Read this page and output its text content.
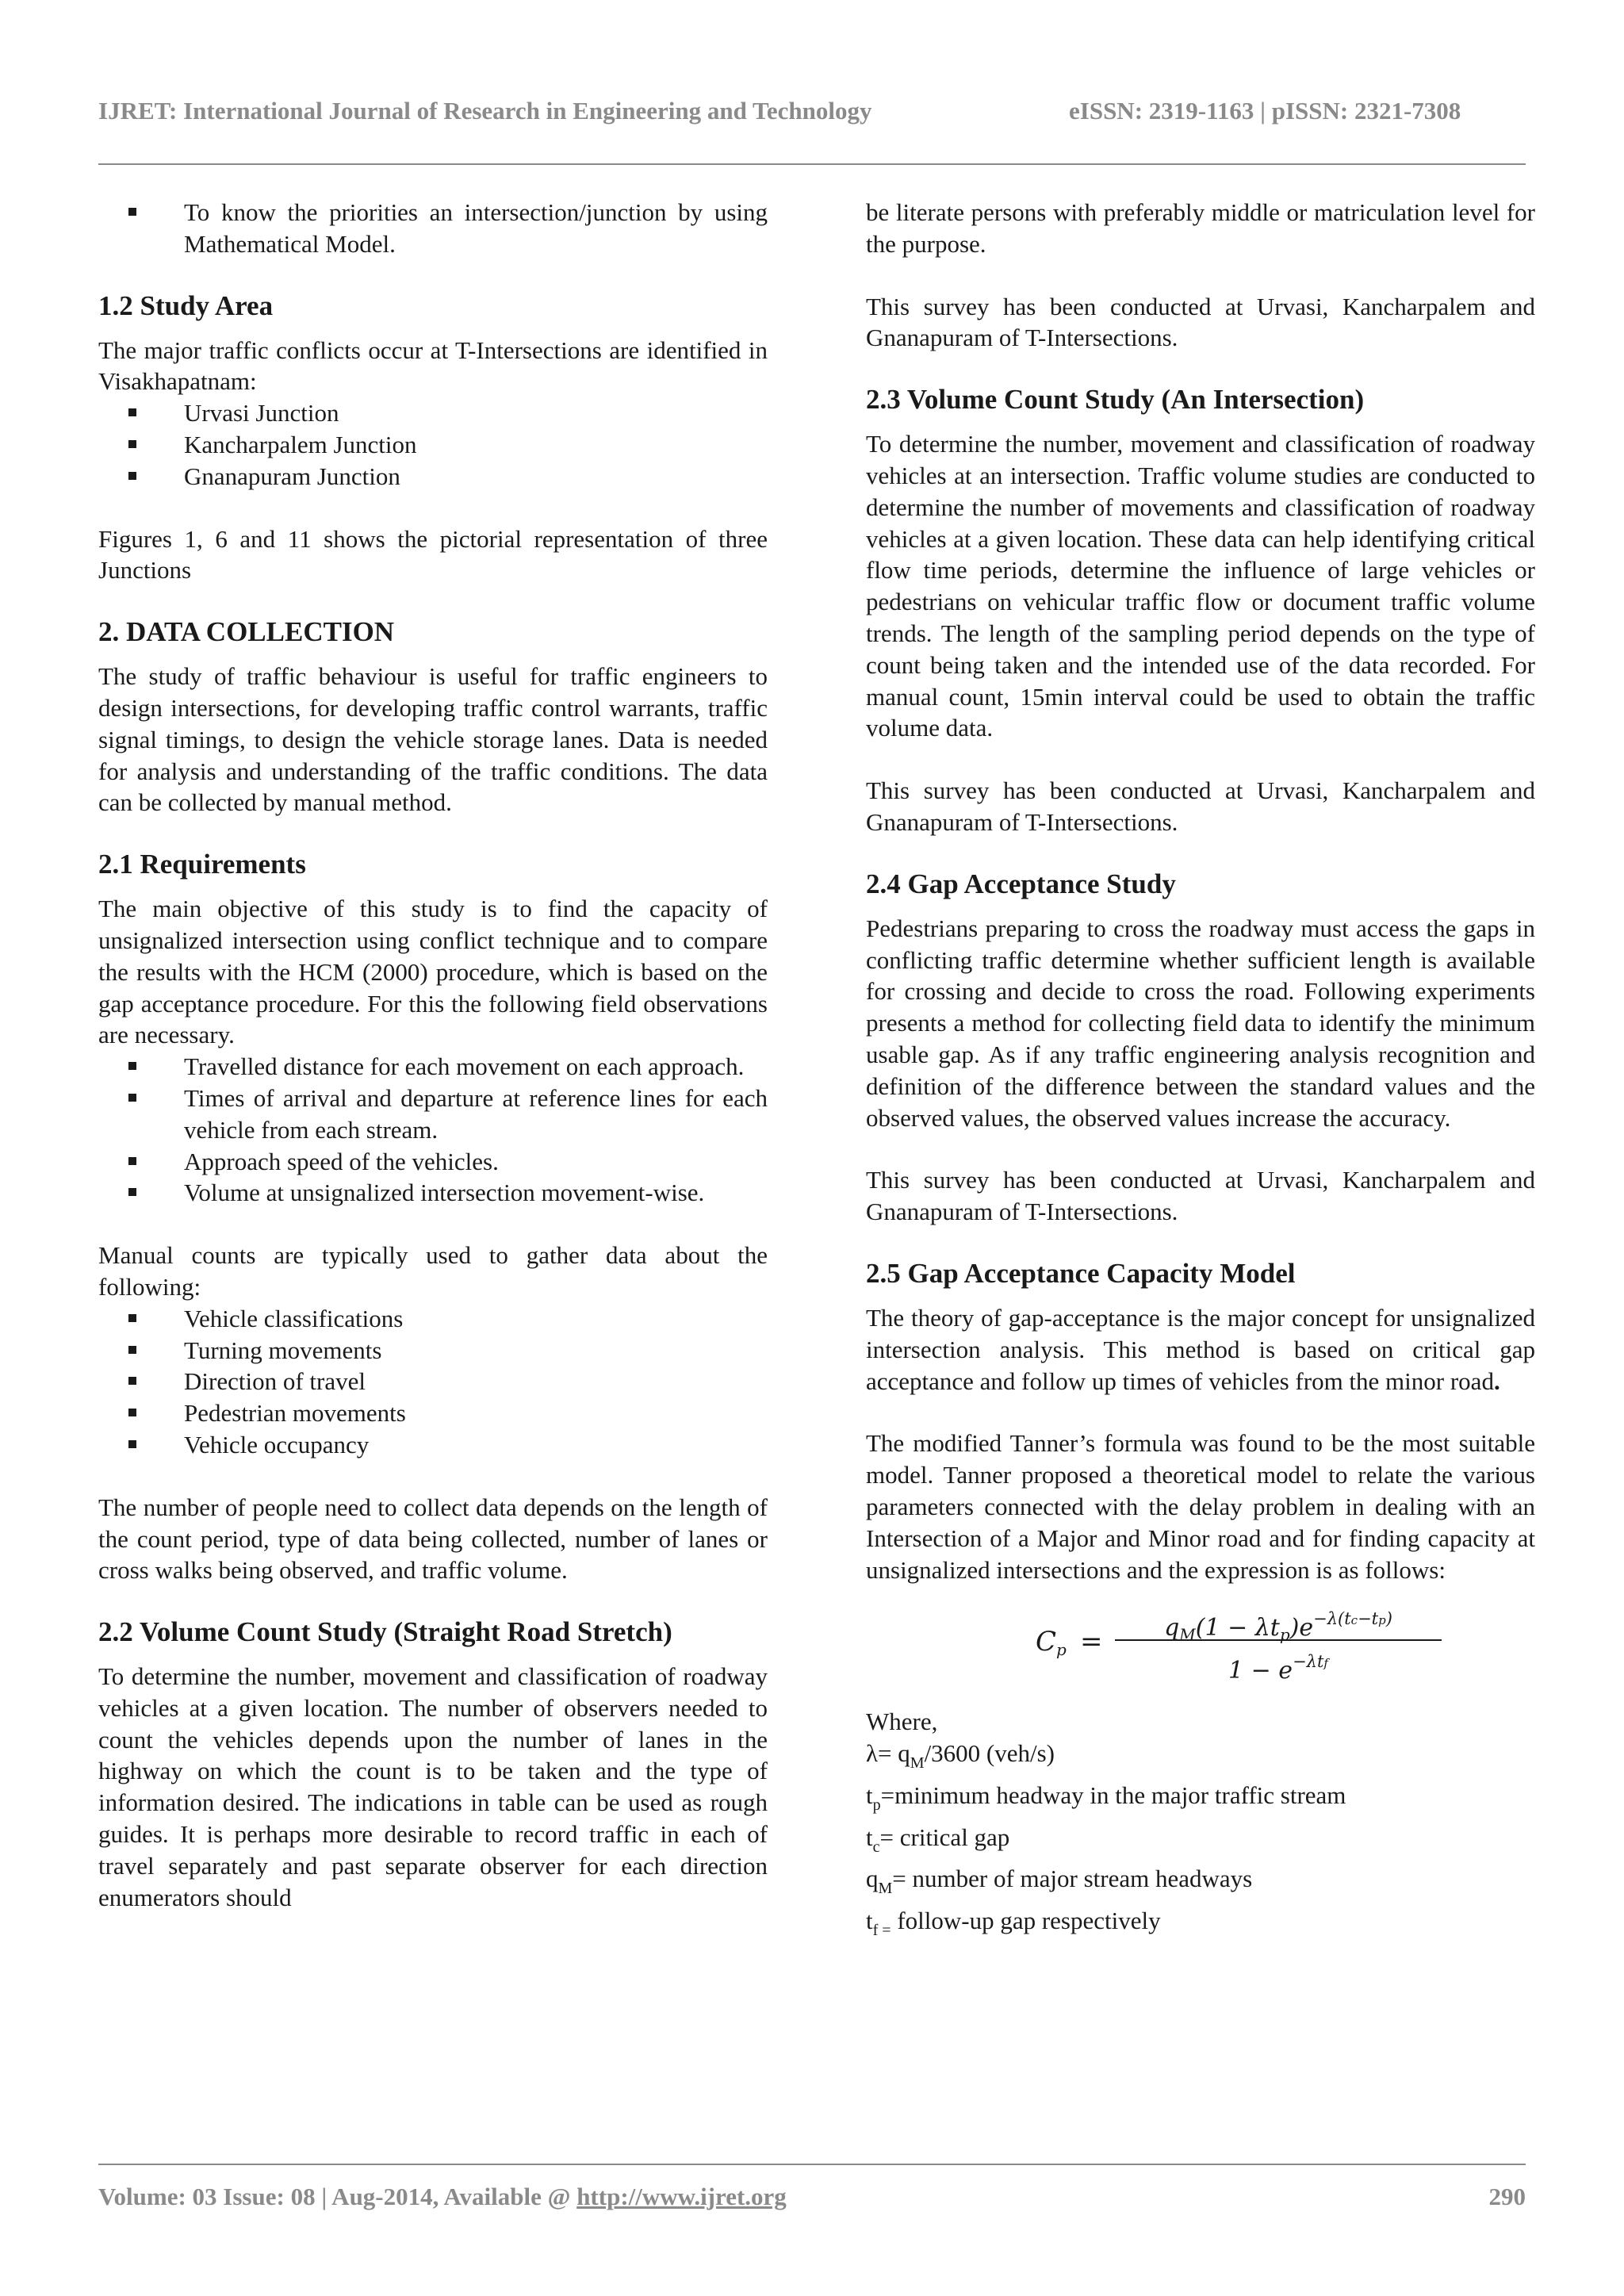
IJRET: International Journal of Research in Engineering and Technology	eISSN: 2319-1163 | pISSN: 2321-7308
To know the priorities an intersection/junction by using Mathematical Model.
1.2 Study Area

The major traffic conflicts occur at T-Intersections are identified in Visakhapatnam:

Urvasi Junction
Kancharpalem Junction
Gnanapuram Junction

Figures 1, 6 and 11 shows the pictorial representation of three Junctions

2. DATA COLLECTION

The study of traffic behaviour is useful for traffic engineers to design intersections, for developing traffic control warrants, traffic signal timings, to design the vehicle storage lanes. Data is needed for analysis and understanding of the traffic conditions. The data can be collected by manual method.

2.1 Requirements

The main objective of this study is to find the capacity of unsignalized intersection using conflict technique and to compare the results with the HCM (2000) procedure, which is based on the gap acceptance procedure. For this the following field observations are necessary.

Travelled distance for each movement on each approach.
Times of arrival and departure at reference lines for each vehicle from each stream.
Approach speed of the vehicles.
Volume at unsignalized intersection movement-wise.

Manual counts are typically used to gather data about the following:

Vehicle classifications
Turning movements
Direction of travel
Pedestrian movements
Vehicle occupancy

The number of people need to collect data depends on the length of the count period, type of data being collected, number of lanes or cross walks being observed, and traffic volume.

2.2 Volume Count Study (Straight Road Stretch)

To determine the number, movement and classification of roadway vehicles at a given location. The number of observers needed to count the vehicles depends upon the number of lanes in the highway on which the count is to be taken and the type of information desired. The indications in table can be used as rough guides. It is perhaps more desirable to record traffic in each of travel separately and past separate observer for each direction enumerators should

be literate persons with preferably middle or matriculation level for the purpose.

This survey has been conducted at Urvasi, Kancharpalem and Gnanapuram of T-Intersections.

2.3 Volume Count Study (An Intersection)

To determine the number, movement and classification of roadway vehicles at an intersection. Traffic volume studies are conducted to determine the number of movements and classification of roadway vehicles at a given location. These data can help identifying critical flow time periods, determine the influence of large vehicles or pedestrians on vehicular traffic flow or document traffic volume trends. The length of the sampling period depends on the type of count being taken and the intended use of the data recorded. For manual count, 15min interval could be used to obtain the traffic volume data.

This survey has been conducted at Urvasi, Kancharpalem and Gnanapuram of T-Intersections.

2.4 Gap Acceptance Study

Pedestrians preparing to cross the roadway must access the gaps in conflicting traffic determine whether sufficient length is available for crossing and decide to cross the road. Following experiments presents a method for collecting field data to identify the minimum usable gap. As if any traffic engineering analysis recognition and definition of the difference between the standard values and the observed values, the observed values increase the accuracy.

This survey has been conducted at Urvasi, Kancharpalem and Gnanapuram of T-Intersections.

2.5 Gap Acceptance Capacity Model

The theory of gap-acceptance is the major concept for unsignalized intersection analysis. This method is based on critical gap acceptance and follow up times of vehicles from the minor road.

The modified Tanner’s formula was found to be the most suitable model. Tanner proposed a theoretical model to relate the various parameters connected with the delay problem in dealing with an Intersection of a Major and Minor road and for finding capacity at unsignalized intersections and the expression is as follows:

Cp =	$q_M(1 - \lambda t_p)e^{-\lambda(tc-tp)}$
$1 - e^{-\lambda tf}$

Where,

$\lambda= q_M/3600$ (veh/s)

$t_p=minimum$ headway in the major traffic stream

$t_c=$ critical gap

$q_M=$ number of major stream headways

$t_{f =}$ follow-up gap respectively

Volume: 03 Issue: 08 | Aug-2014, Available @ http://www.ijret.org	290
